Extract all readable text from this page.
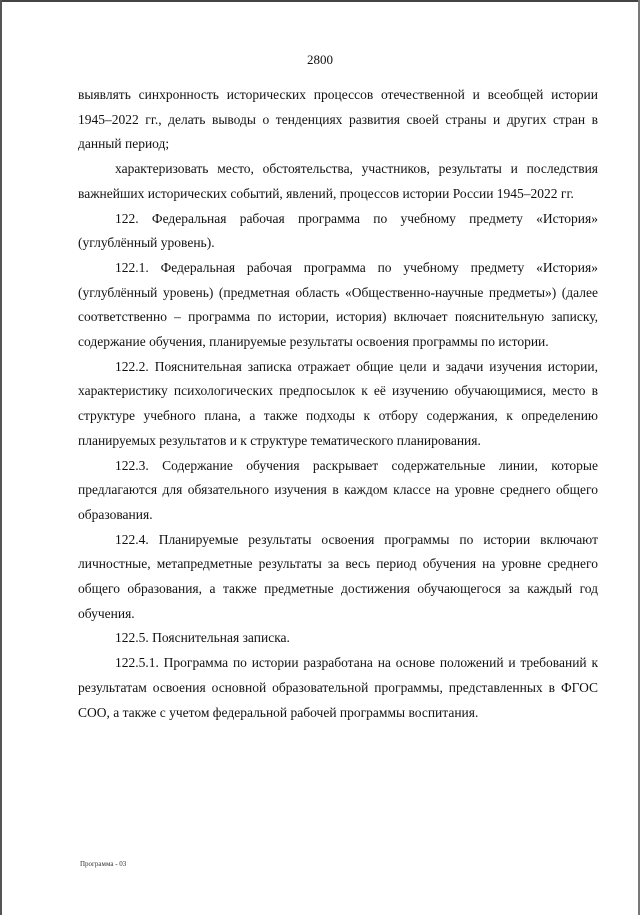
2800

выявлять синхронность исторических процессов отечественной и всеобщей истории 1945–2022 гг., делать выводы о тенденциях развития своей страны и других стран в данный период;

характеризовать место, обстоятельства, участников, результаты и последствия важнейших исторических событий, явлений, процессов истории России 1945–2022 гг.

122. Федеральная рабочая программа по учебному предмету «История» (углублённый уровень).

122.1. Федеральная рабочая программа по учебному предмету «История» (углублённый уровень) (предметная область «Общественно-научные предметы») (далее соответственно – программа по истории, история) включает пояснительную записку, содержание обучения, планируемые результаты освоения программы по истории.

122.2. Пояснительная записка отражает общие цели и задачи изучения истории, характеристику психологических предпосылок к её изучению обучающимися, место в структуре учебного плана, а также подходы к отбору содержания, к определению планируемых результатов и к структуре тематического планирования.

122.3. Содержание обучения раскрывает содержательные линии, которые предлагаются для обязательного изучения в каждом классе на уровне среднего общего образования.

122.4. Планируемые результаты освоения программы по истории включают личностные, метапредметные результаты за весь период обучения на уровне среднего общего образования, а также предметные достижения обучающегося за каждый год обучения.

122.5. Пояснительная записка.

122.5.1. Программа по истории разработана на основе положений и требований к результатам освоения основной образовательной программы, представленных в ФГОС СОО, а также с учетом федеральной рабочей программы воспитания.

Программа - 03
